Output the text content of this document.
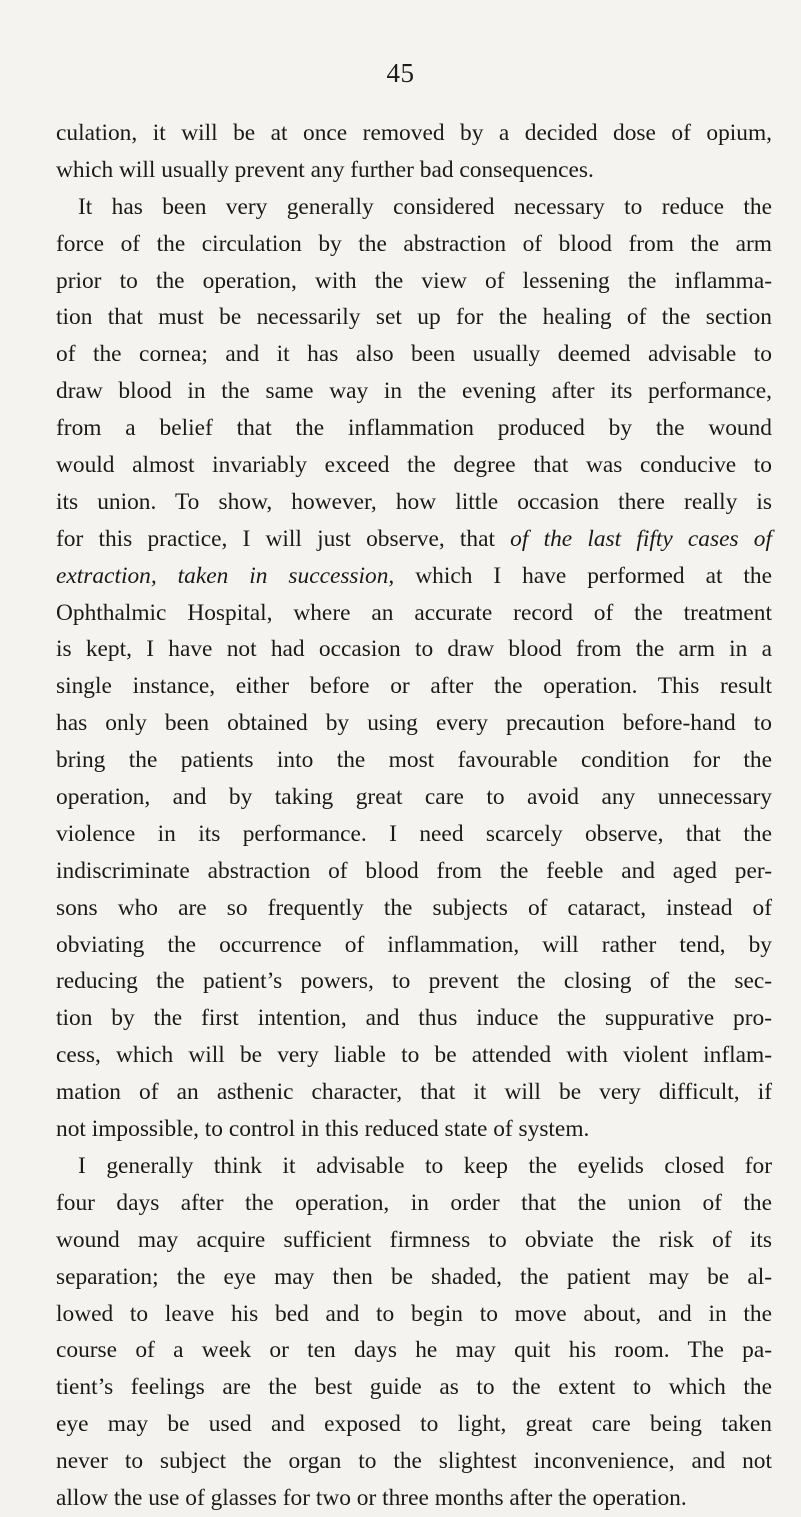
45
culation, it will be at once removed by a decided dose of opium,
which will usually prevent any further bad consequences.
It has been very generally considered necessary to reduce the
force of the circulation by the abstraction of blood from the arm
prior to the operation, with the view of lessening the inflamma-
tion that must be necessarily set up for the healing of the section
of the cornea; and it has also been usually deemed advisable to
draw blood in the same way in the evening after its performance,
from a belief that the inflammation produced by the wound
would almost invariably exceed the degree that was conducive to
its union. To show, however, how little occasion there really is
for this practice, I will just observe, that of the last fifty cases of
extraction, taken in succession, which I have performed at the
Ophthalmic Hospital, where an accurate record of the treatment
is kept, I have not had occasion to draw blood from the arm in a
single instance, either before or after the operation. This result
has only been obtained by using every precaution before-hand to
bring the patients into the most favourable condition for the
operation, and by taking great care to avoid any unnecessary
violence in its performance. I need scarcely observe, that the
indiscriminate abstraction of blood from the feeble and aged per-
sons who are so frequently the subjects of cataract, instead of
obviating the occurrence of inflammation, will rather tend, by
reducing the patient’s powers, to prevent the closing of the sec-
tion by the first intention, and thus induce the suppurative pro-
cess, which will be very liable to be attended with violent inflam-
mation of an asthenic character, that it will be very difficult, if
not impossible, to control in this reduced state of system.
I generally think it advisable to keep the eyelids closed for
four days after the operation, in order that the union of the
wound may acquire sufficient firmness to obviate the risk of its
separation; the eye may then be shaded, the patient may be al-
lowed to leave his bed and to begin to move about, and in the
course of a week or ten days he may quit his room. The pa-
tient’s feelings are the best guide as to the extent to which the
eye may be used and exposed to light, great care being taken
never to subject the organ to the slightest inconvenience, and not
allow the use of glasses for two or three months after the operation.
